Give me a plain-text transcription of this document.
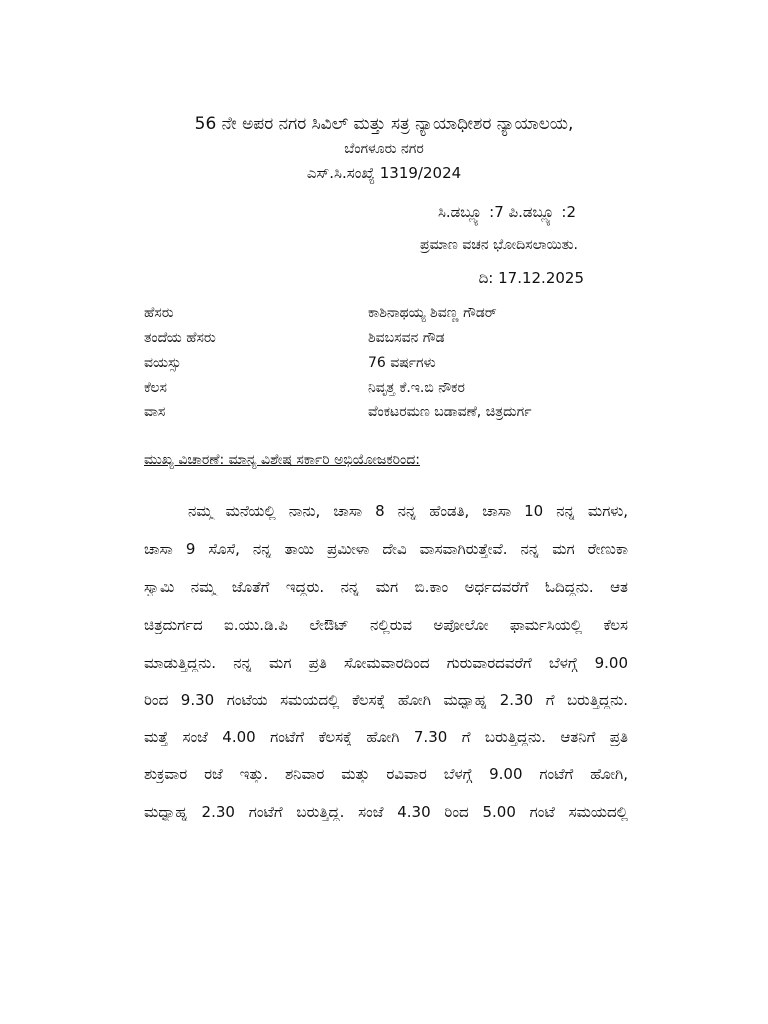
56 ನೇ ಅಪರ ನಗರ ಸಿವಿಲ್ ಮತ್ತು ಸತ್ರ ನ್ಯಾಯಾಧೀಶರ ನ್ಯಾಯಾಲಯ,
ಬೆಂಗಳೂರು ನಗರ
ಎಸ್.ಸಿ.ಸಂಖ್ಯೆ 1319/2024
ಸಿ.ಡಬ್ಲ್ಯೂ :7 ಪಿ.ಡಬ್ಲ್ಯೂ :2
ಪ್ರಮಾಣ ವಚನ ಭೋದಿಸಲಾಯಿತು.
ದಿ: 17.12.2025
ಹೆಸರು	ಕಾಶಿನಾಥಯ್ಯ ಶಿವಣ್ಣ ಗೌಡರ್
ತಂದೆಯ ಹೆಸರು	ಶಿವಬಸವನ ಗೌಡ
ವಯಸ್ಸು	76 ವರ್ಷಗಳು
ಕೆಲಸ	ನಿವೃತ್ತ ಕೆ.ಇ.ಬಿ ನೌಕರ
ವಾಸ	ವೆಂಕಟರಮಣ ಬಡಾವಣೆ, ಚಿತ್ರದುರ್ಗ
ಮುಖ್ಯ ವಿಚಾರಣೆ: ಮಾನ್ಯ ವಿಶೇಷ ಸರ್ಕಾರಿ ಅಭಿಯೋಜಕರಿಂದ:
ನಮ್ಮ ಮನೆಯಲ್ಲಿ ನಾನು, ಚಾಸಾ 8 ನನ್ನ ಹೆಂಡತಿ, ಚಾಸಾ 10 ನನ್ನ ಮಗಳು,
ಚಾಸಾ 9 ಸೊಸೆ, ನನ್ನ ತಾಯಿ ಪ್ರಮೀಳಾ ದೇವಿ ವಾಸವಾಗಿರುತ್ತೇವೆ. ನನ್ನ ಮಗ ರೇಣುಕಾ
ಸ್ವಾಮಿ ನಮ್ಮ ಜೊತೆಗೆ ಇದ್ದರು. ನನ್ನ ಮಗ ಬಿ.ಕಾಂ ಅರ್ಧದವರೆಗೆ ಓದಿದ್ದನು. ಆತ
ಚಿತ್ರದುರ್ಗದ ಐ.ಯು.ಡಿ.ಪಿ ಲೇಔಟ್ ನಲ್ಲಿರುವ ಅಪೋಲೋ ಫಾರ್ಮಸಿಯಲ್ಲಿ ಕೆಲಸ
ಮಾಡುತ್ತಿದ್ದನು. ನನ್ನ ಮಗ ಪ್ರತಿ ಸೋಮವಾರದಿಂದ ಗುರುವಾರದವರೆಗೆ ಬೆಳಗ್ಗೆ 9.00
ರಿಂದ 9.30 ಗಂಟೆಯ ಸಮಯದಲ್ಲಿ ಕೆಲಸಕ್ಕೆ ಹೋಗಿ ಮಧ್ಯಾಹ್ನ 2.30 ಗೆ ಬರುತ್ತಿದ್ದನು.
ಮತ್ತೆ ಸಂಜೆ 4.00 ಗಂಟೆಗೆ ಕೆಲಸಕ್ಕೆ ಹೋಗಿ 7.30 ಗೆ ಬರುತ್ತಿದ್ದನು. ಆತನಿಗೆ ಪ್ರತಿ
ಶುಕ್ರವಾರ ರಜೆ ಇತ್ತು. ಶನಿವಾರ ಮತ್ತು ರವಿವಾರ ಬೆಳಗ್ಗೆ 9.00 ಗಂಟೆಗೆ ಹೋಗಿ,
ಮಧ್ಯಾಹ್ನ 2.30 ಗಂಟೆಗೆ ಬರುತ್ತಿದ್ದ. ಸಂಜೆ 4.30 ರಿಂದ 5.00 ಗಂಟೆ ಸಮಯದಲ್ಲಿ
